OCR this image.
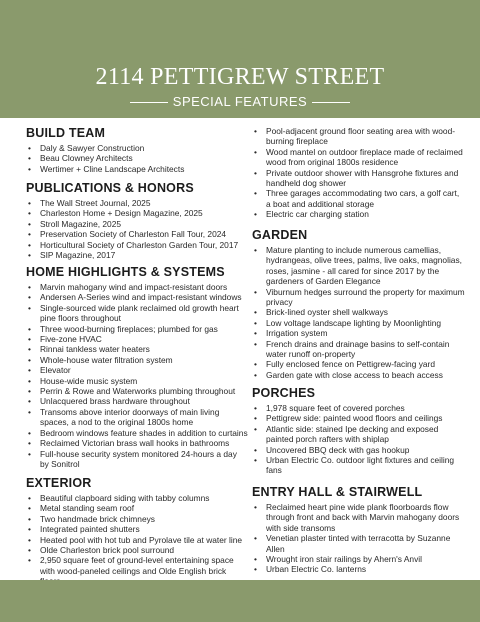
2114 PETTIGREW STREET
SPECIAL FEATURES
BUILD TEAM
• Daly & Sawyer Construction
• Beau Clowney Architects
• Wertimer + Cline Landscape Architects
PUBLICATIONS & HONORS
• The Wall Street Journal, 2025
• Charleston Home + Design Magazine, 2025
• Stroll Magazine, 2025
• Preservation Society of Charleston Fall Tour, 2024
• Horticultural Society of Charleston Garden Tour, 2017
• SIP Magazine, 2017
HOME HIGHLIGHTS & SYSTEMS
• Marvin mahogany wind and impact-resistant doors
• Andersen A-Series wind and impact-resistant windows
• Single-sourced wide plank reclaimed old growth heart pine floors throughout
• Three wood-burning fireplaces; plumbed for gas
• Five-zone HVAC
• Rinnai tankless water heaters
• Whole-house water filtration system
• Elevator
• House-wide music system
• Perrin & Rowe and Waterworks plumbing throughout
• Unlacquered brass hardware throughout
• Transoms above interior doorways of main living spaces, a nod to the original 1800s home
• Bedroom windows feature shades in addition to curtains
• Reclaimed Victorian brass wall hooks in bathrooms
• Full-house security system monitored 24-hours a day by Sonitrol
EXTERIOR
• Beautiful clapboard siding with tabby columns
• Metal standing seam roof
• Two handmade brick chimneys
• Integrated painted shutters
• Heated pool with hot tub and Pyrolave tile at water line
• Olde Charleston brick pool surround
• 2,950 square feet of ground-level entertaining space with wood-paneled ceilings and Olde English brick
• Pool-adjacent ground floor seating area with wood-burning fireplace
• Wood mantel on outdoor fireplace made of reclaimed wood from original 1800s residence
• Private outdoor shower with Hansgrohe fixtures and handheld dog shower
• Three garages accommodating two cars, a golf cart, a boat and additional storage
• Electric car charging station
GARDEN
• Mature planting to include numerous camellias, hydrangeas, olive trees, palms, live oaks, magnolias, roses, jasmine - all cared for since 2017 by the gardeners of Garden Elegance
• Viburnum hedges surround the property for maximum privacy
• Brick-lined oyster shell walkways
• Low voltage landscape lighting by Moonlighting
• Irrigation system
• French drains and drainage basins to self-contain water runoff on-property
• Fully enclosed fence on Pettigrew-facing yard
• Garden gate with close access to beach access
PORCHES
• 1,978 square feet of covered porches
• Pettigrew side: painted wood floors and ceilings
• Atlantic side: stained Ipe decking and exposed painted porch rafters with shiplap
• Uncovered BBQ deck with gas hookup
• Urban Electric Co. outdoor light fixtures and ceiling fans
ENTRY HALL & STAIRWELL
• Reclaimed heart pine wide plank floorboards flow through front and back with Marvin mahogany doors with side transoms
• Venetian plaster tinted with terracotta by Suzanne Allen
• Wrought iron stair railings by Ahern's Anvil
• Urban Electric Co. lanterns
